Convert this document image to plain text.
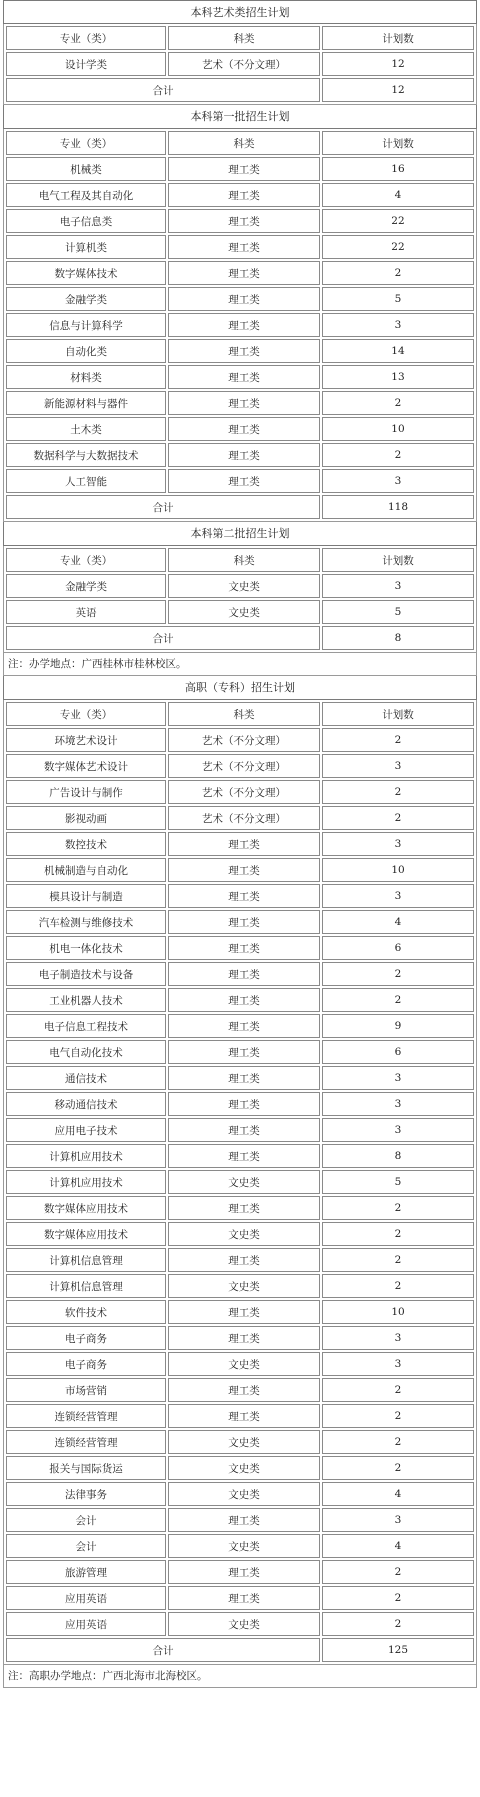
本科艺术类招生计划
专业（类）	科类	计划数
设计学类	艺术（不分文理）	12
合计		12
本科第一批招生计划
专业（类）	科类	计划数
机械类	理工类	16
电气工程及其自动化	理工类	4
电子信息类	理工类	22
计算机类	理工类	22
数字媒体技术	理工类	2
金融学类	理工类	5
信息与计算科学	理工类	3
自动化类	理工类	14
材料类	理工类	13
新能源材料与器件	理工类	2
土木类	理工类	10
数据科学与大数据技术	理工类	2
人工智能	理工类	3
合计		118
本科第二批招生计划
专业（类）	科类	计划数
金融学类	文史类	3
英语	文史类	5
合计		8
注：办学地点：广西桂林市桂林校区。
高职（专科）招生计划
专业（类）	科类	计划数
环境艺术设计	艺术（不分文理）	2
数字媒体艺术设计	艺术（不分文理）	3
广告设计与制作	艺术（不分文理）	2
影视动画	艺术（不分文理）	2
数控技术	理工类	3
机械制造与自动化	理工类	10
模具设计与制造	理工类	3
汽车检测与维修技术	理工类	4
机电一体化技术	理工类	6
电子制造技术与设备	理工类	2
工业机器人技术	理工类	2
电子信息工程技术	理工类	9
电气自动化技术	理工类	6
通信技术	理工类	3
移动通信技术	理工类	3
应用电子技术	理工类	3
计算机应用技术	理工类	8
计算机应用技术	文史类	5
数字媒体应用技术	理工类	2
数字媒体应用技术	文史类	2
计算机信息管理	理工类	2
计算机信息管理	文史类	2
软件技术	理工类	10
电子商务	理工类	3
电子商务	文史类	3
市场营销	理工类	2
连锁经营管理	理工类	2
连锁经营管理	文史类	2
报关与国际货运	文史类	2
法律事务	文史类	4
会计	理工类	3
会计	文史类	4
旅游管理	理工类	2
应用英语	理工类	2
应用英语	文史类	2
合计		125
注：高职办学地点：广西北海市北海校区。
